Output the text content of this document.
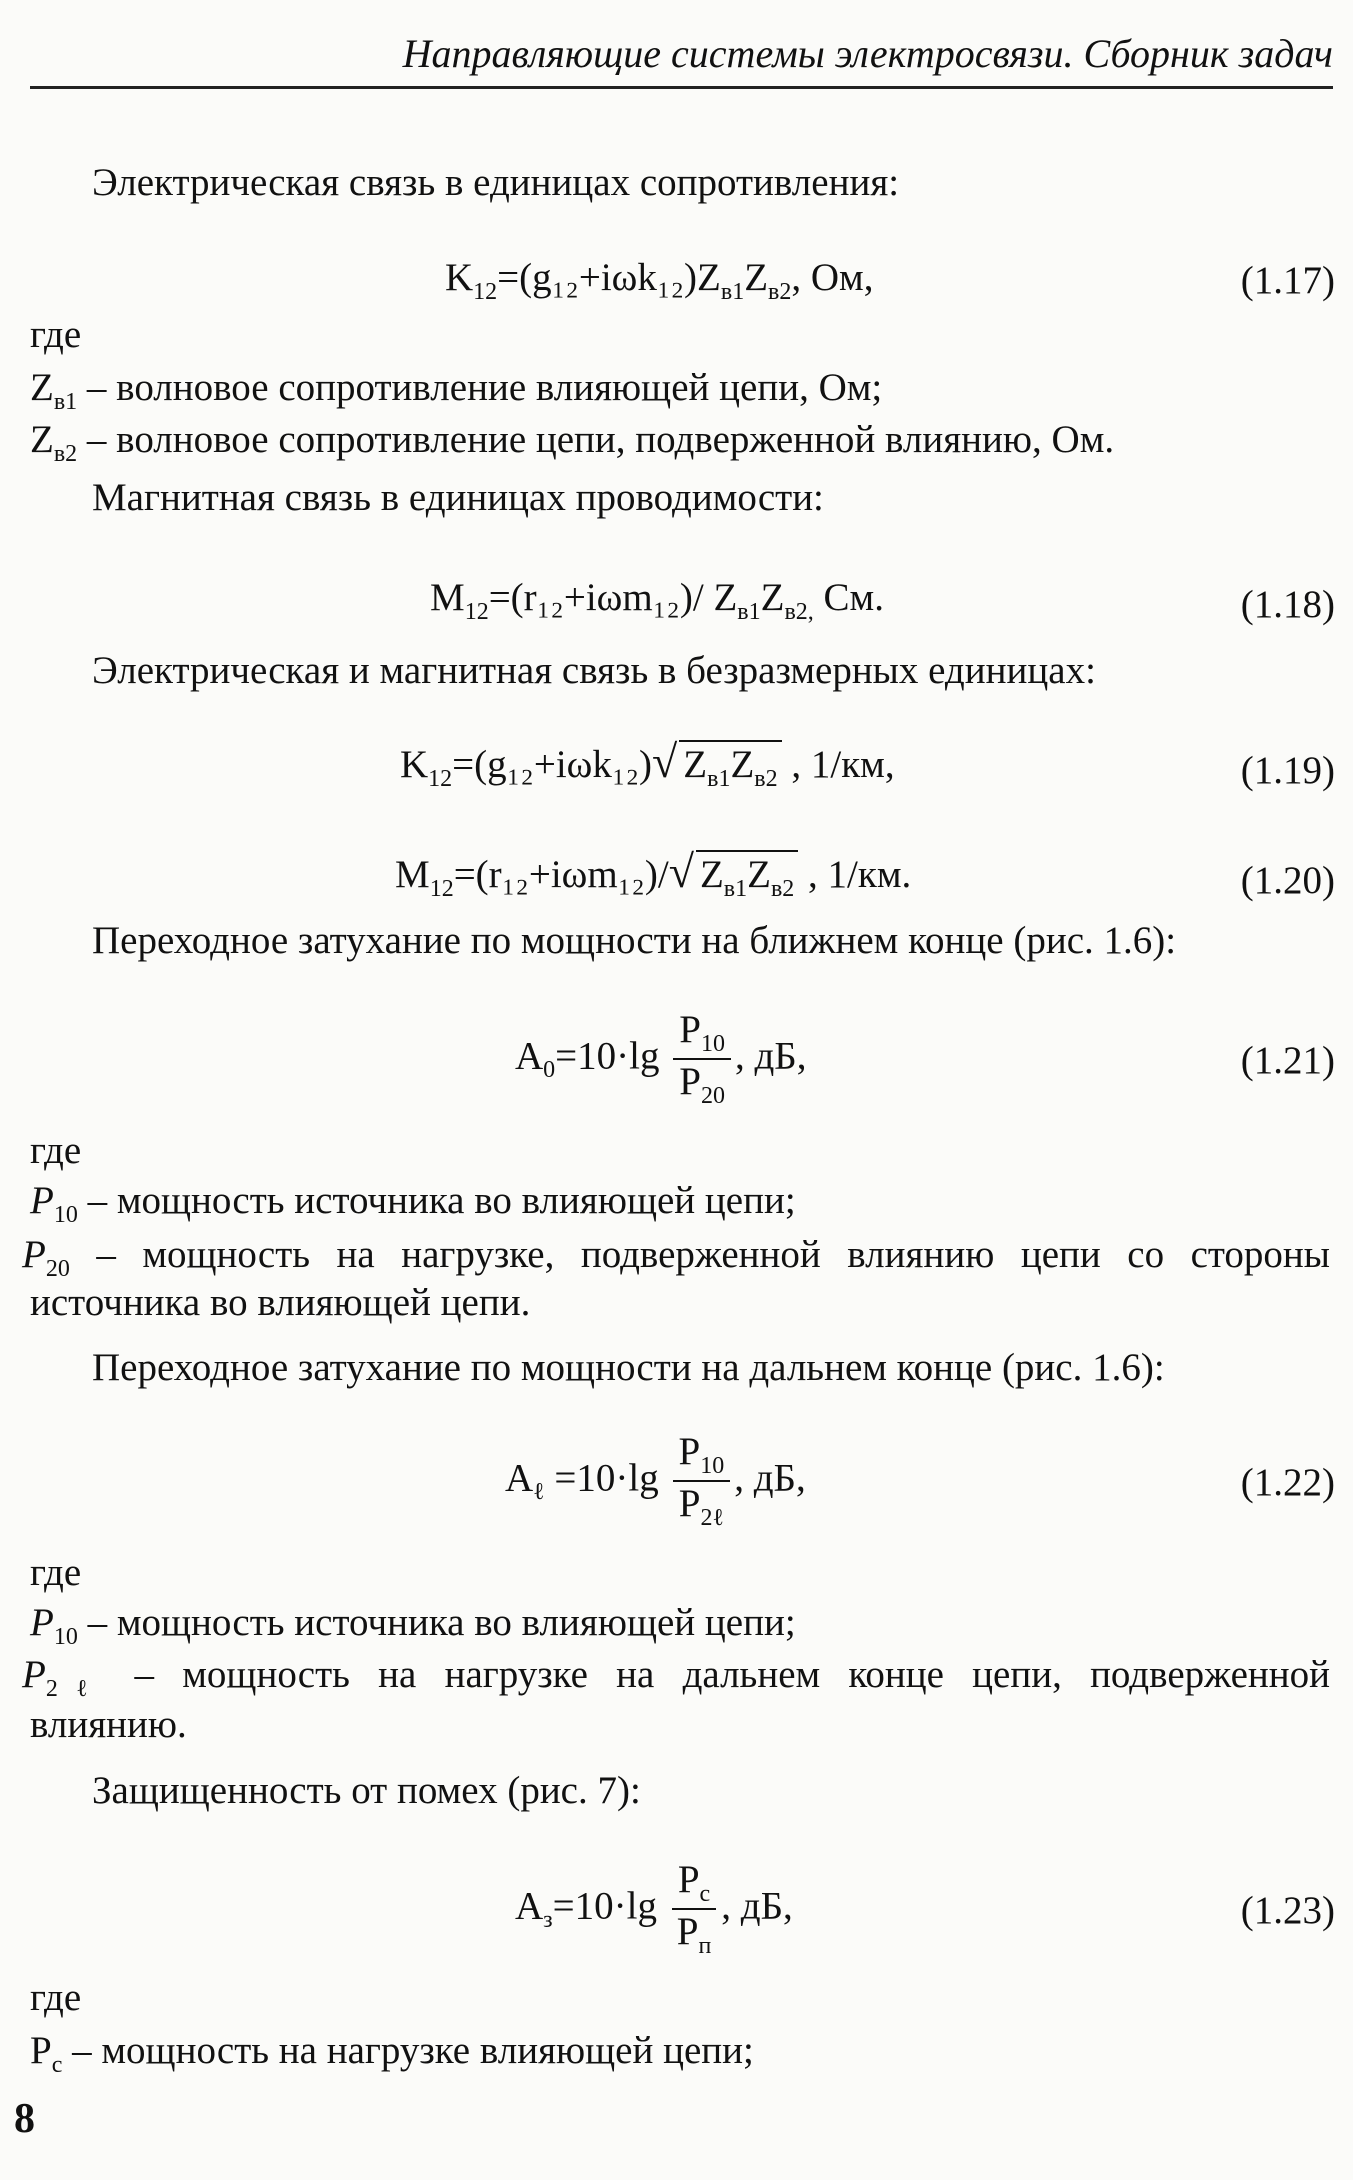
Направляющие системы электросвязи. Сборник задач
Электрическая связь в единицах сопротивления:
$K_{12}=(g_{12}+i\omega k_{12})Z_{в1}Z_{в2}$, Ом,	(1.17)
где
$Z_{в1}$ – волновое сопротивление влияющей цепи, Ом;
$Z_{в2}$ – волновое сопротивление цепи, подверженной влиянию, Ом.
Магнитная связь в единицах проводимости:
$M_{12}=(r_{12}+i\omega m_{12})/$ $Z_{в1}Z_{в2,}$ См.	(1.18)
Электрическая и магнитная связь в безразмерных единицах:
$K_{12}=(g_{12}+i\omega k_{12})√$ $Z_{в1}Z_{в2}$ , 1/км,	(1.19)
$M_{12}=(r_{12}+i\omega m_{12})/√$ $Z_{в1}Z_{в2}$ , 1/км.	(1.20)
Переходное затухание по мощности на ближнем конце (рис. 1.6):
$A_0=10\cdot\lg \frac{P_{10}}{P_{20}}$ , дБ,	(1.21)
где
$P_{10}$ – мощность источника во влияющей цепи;
$P_{20}$ – мощность на нагрузке, подверженной влиянию цепи со стороны
источника во влияющей цепи.
Переходное затухание по мощности на дальнем конце (рис. 1.6):
$A_\ell =10\cdot\lg \frac{P_{10}}{P_{2\ell}}$ , дБ,	(1.22)
где
$P_{10}$ – мощность источника во влияющей цепи;
$P_{2\ell}$ – мощность на нагрузке на дальнем конце цепи, подверженной
влиянию.
Защищенность от помех (рис. 7):
$A_з=10\cdot\lg \frac{P_c}{P_п}$ , дБ,	(1.23)
где
$P_c$ – мощность на нагрузке влияющей цепи;
8
